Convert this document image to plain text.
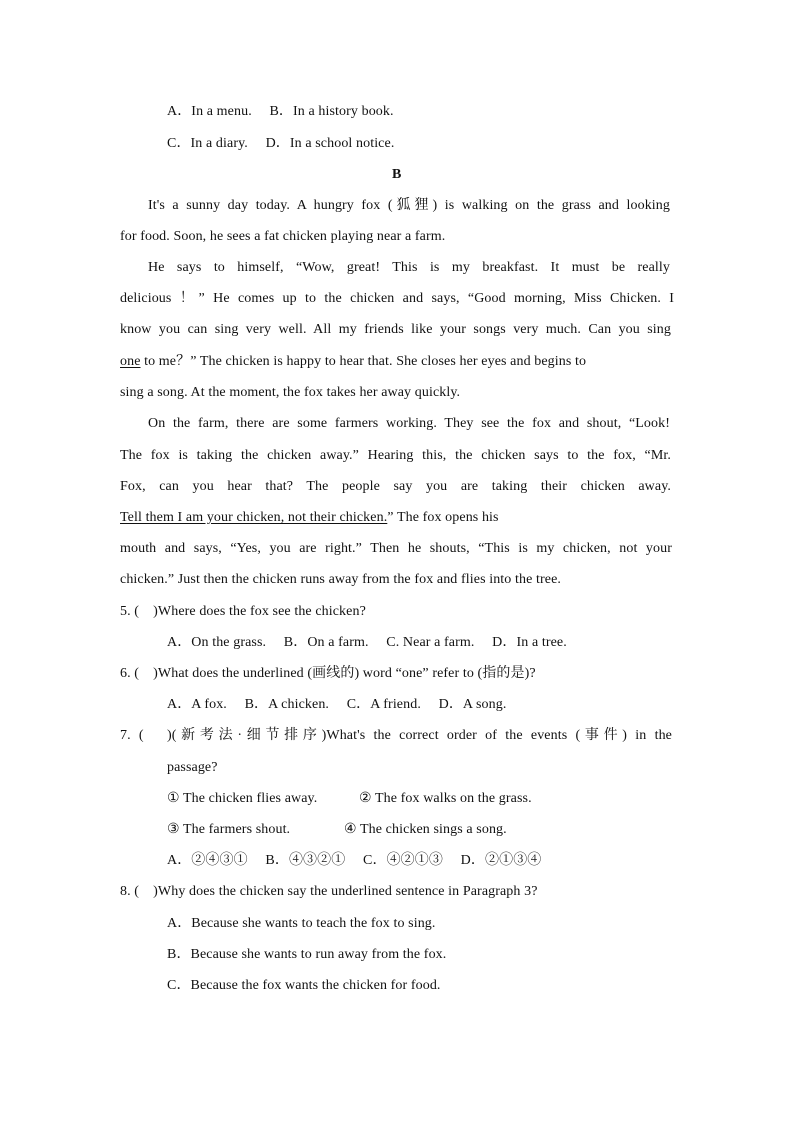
A．In a menu.　 B．In a history book.
C．In a diary.　 D．In a school notice.
B
It's a sunny day today. A hungry fox (狐狸) is walking on the grass and looking
for food. Soon, he sees a fat chicken playing near a farm.
He says to himself, “Wow, great! This is my breakfast. It must be really
delicious ！” He comes up to the chicken and says, “Good morning, Miss Chicken. I
know you can sing very well. All my friends like your songs very much. Can you sing
one to me？” The chicken is happy to hear that. She closes her eyes and begins to
sing a song. At the moment, the fox takes her away quickly.
On the farm, there are some farmers working. They see the fox and shout, “Look!
The fox is taking the chicken away.” Hearing this, the chicken says to the fox, “Mr.
Fox, can you hear that? The people say you are taking their chicken away.
Tell them I am your chicken, not their chicken.” The fox opens his
mouth and says, “Yes, you are right.” Then he shouts, “This is my chicken, not your
chicken.” Just then the chicken runs away from the fox and flies into the tree.
5. (　)Where does the fox see the chicken?
A．On the grass.　 B．On a farm.　 C. Near a farm.　 D．In a tree.
6. (　)What does the underlined (画线的) word “one” refer to (指的是)?
A．A fox.　 B．A chicken.　 C．A friend.　 D．A song.
7. (　)(新考法·细节排序)What's the correct order of the events (事件) in the
passage?
① The chicken flies away.	② The fox walks on the grass.
③ The farmers shout.	④ The chicken sings a song.
A．②④③①　 B．④③②①　 C．④②①③　 D．②①③④
8. (　)Why does the chicken say the underlined sentence in Paragraph 3?
A．Because she wants to teach the fox to sing.
B．Because she wants to run away from the fox.
C．Because the fox wants the chicken for food.
